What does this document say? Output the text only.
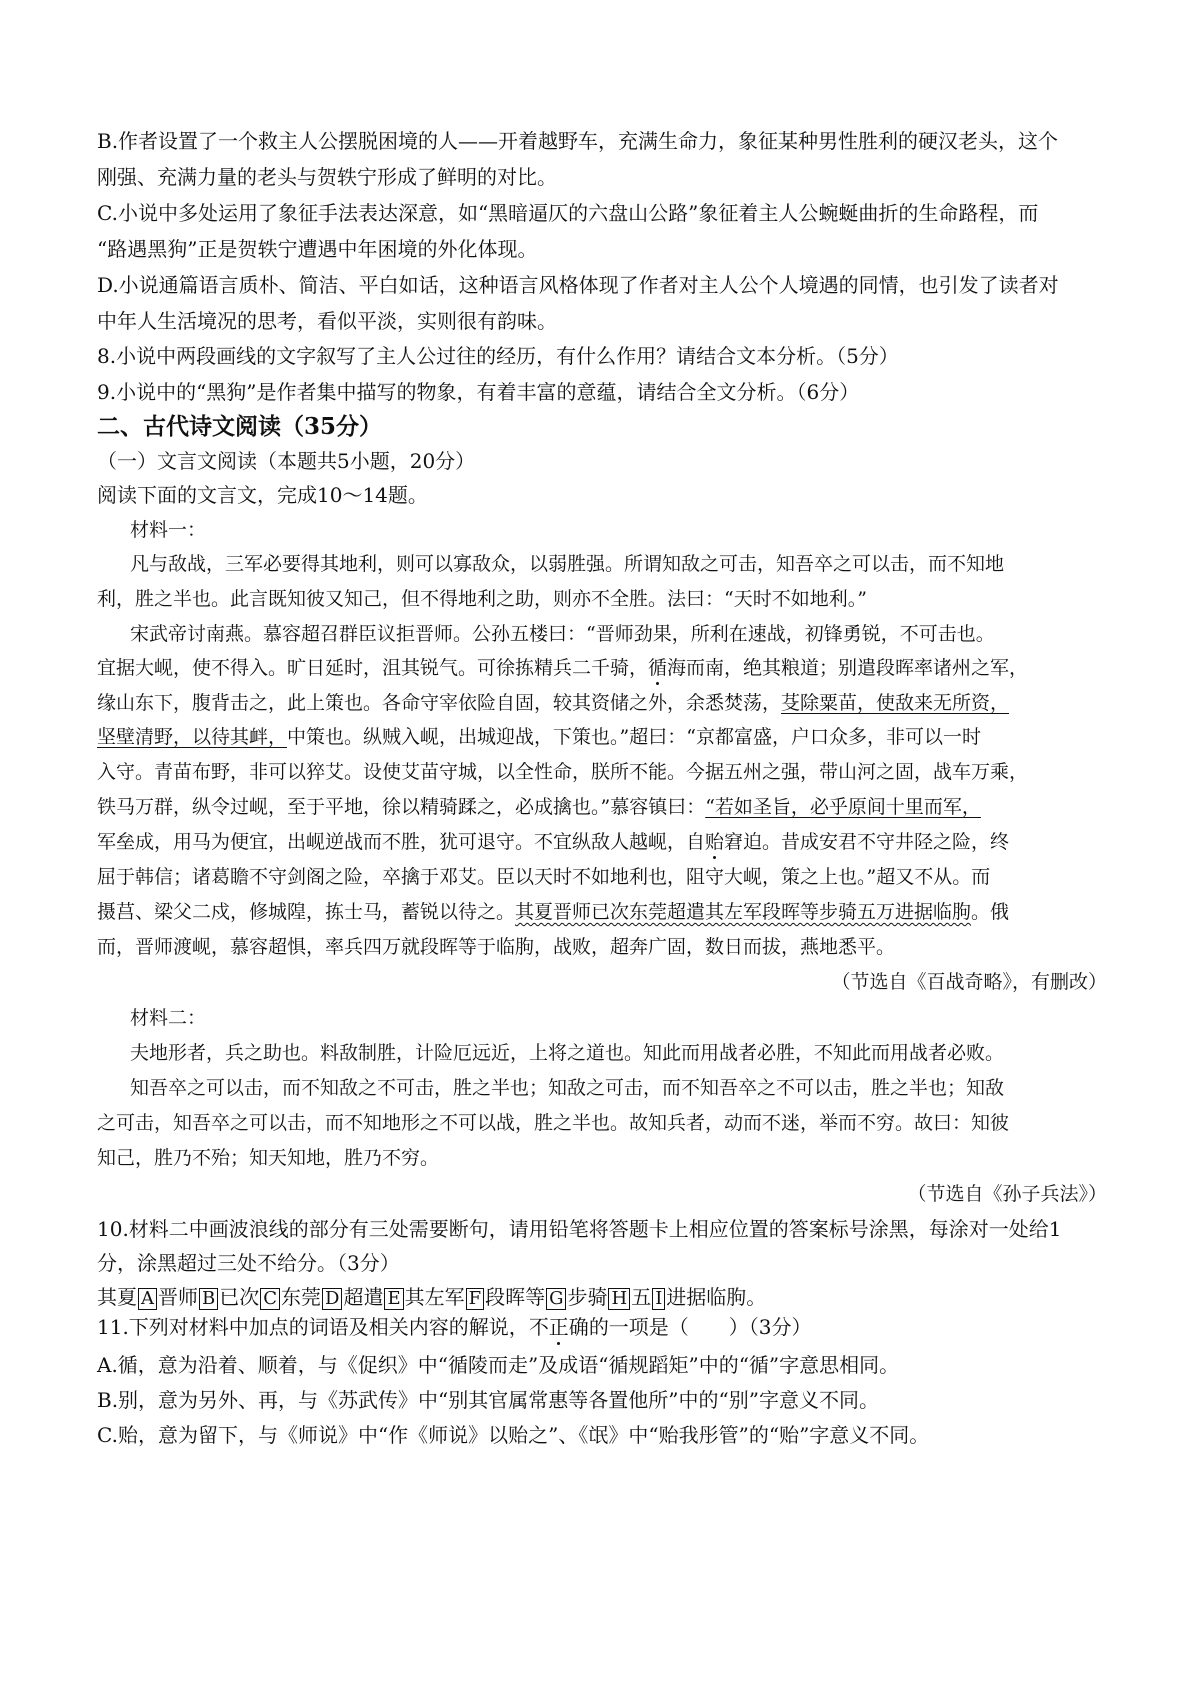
B.作者设置了一个救主人公摆脱困境的人——开着越野车，充满生命力，象征某种男性胜利的硬汉老头，这个
刚强、充满力量的老头与贺轶宁形成了鲜明的对比。
C.小说中多处运用了象征手法表达深意，如“黑暗逼仄的六盘山公路”象征着主人公蜿蜒曲折的生命路程，而
“路遇黑狗”正是贺轶宁遭遇中年困境的外化体现。
D.小说通篇语言质朴、简洁、平白如话，这种语言风格体现了作者对主人公个人境遇的同情，也引发了读者对
中年人生活境况的思考，看似平淡，实则很有韵味。
8.小说中两段画线的文字叙写了主人公过往的经历，有什么作用？请结合文本分析。（5分）
9.小说中的“黑狗”是作者集中描写的物象，有着丰富的意蕴，请结合全文分析。（6分）
二、古代诗文阅读（35分）
（一）文言文阅读（本题共5小题，20分）
阅读下面的文言文，完成10～14题。
材料一：
凡与敌战，三军必要得其地利，则可以寡敌众，以弱胜强。所谓知敌之可击，知吾卒之可以击，而不知地
利，胜之半也。此言既知彼又知己，但不得地利之助，则亦不全胜。法曰：“天时不如地利。”
宋武帝讨南燕。慕容超召群臣议拒晋师。公孙五楼曰：“晋师劲果，所利在速战，初锋勇锐，不可击也。
宜据大岘，使不得入。旷日延时，沮其锐气。可徐拣精兵二千骑，循海而南，绝其粮道；别遣段晖率诸州之军，
缘山东下，腹背击之，此上策也。各命守宰依险自固，较其资储之外，余悉焚荡，芟除粟苗，使敌来无所资，
坚壁清野，以待其衅，中策也。纵贼入岘，出城迎战，下策也。”超曰：“京都富盛，户口众多，非可以一时
入守。青苗布野，非可以猝艾。设使艾苗守城，以全性命，朕所不能。今据五州之强，带山河之固，战车万乘，
铁马万群，纵令过岘，至于平地，徐以精骑蹂之，必成擒也。”慕容镇曰：“若如圣旨，必乎原间十里而军，
军垒成，用马为便宜，出岘逆战而不胜，犹可退守。不宜纵敌人越岘，自贻窘迫。昔成安君不守井陉之险，终
屈于韩信；诸葛瞻不守剑阁之险，卒擒于邓艾。臣以天时不如地利也，阻守大岘，策之上也。”超又不从。而
摄莒、梁父二戍，修城隍，拣士马，蓄锐以待之。其夏晋师已次东莞超遣其左军段晖等步骑五万进据临朐。俄
而，晋师渡岘，慕容超惧，率兵四万就段晖等于临朐，战败，超奔广固，数日而拔，燕地悉平。
（节选自《百战奇略》，有删改）
材料二：
夫地形者，兵之助也。料敌制胜，计险厄远近，上将之道也。知此而用战者必胜，不知此而用战者必败。
知吾卒之可以击，而不知敌之不可击，胜之半也；知敌之可击，而不知吾卒之不可以击，胜之半也；知敌
之可击，知吾卒之可以击，而不知地形之不可以战，胜之半也。故知兵者，动而不迷，举而不穷。故曰：知彼
知己，胜乃不殆；知天知地，胜乃不穷。
（节选自《孙子兵法》）
10.材料二中画波浪线的部分有三处需要断句，请用铅笔将答题卡上相应位置的答案标号涂黑，每涂对一处给1
分，涂黑超过三处不给分。（3分）
其夏 A 晋师 B 已次 C 东莞 D 超遣 E 其左军 F 段晖等 G 步骑 H 五 I 进据临朐。
11.下列对材料中加点的词语及相关内容的解说，不正确的一项是（　　）（3分）
A.循，意为沿着、顺着，与《促织》中“循陵而走”及成语“循规蹈矩”中的“循”字意思相同。
B.别，意为另外、再，与《苏武传》中“别其官属常惠等各置他所”中的“别”字意义不同。
C.贻，意为留下，与《师说》中“作《师说》以贻之”、《氓》中“贻我彤管”的“贻”字意义不同。
